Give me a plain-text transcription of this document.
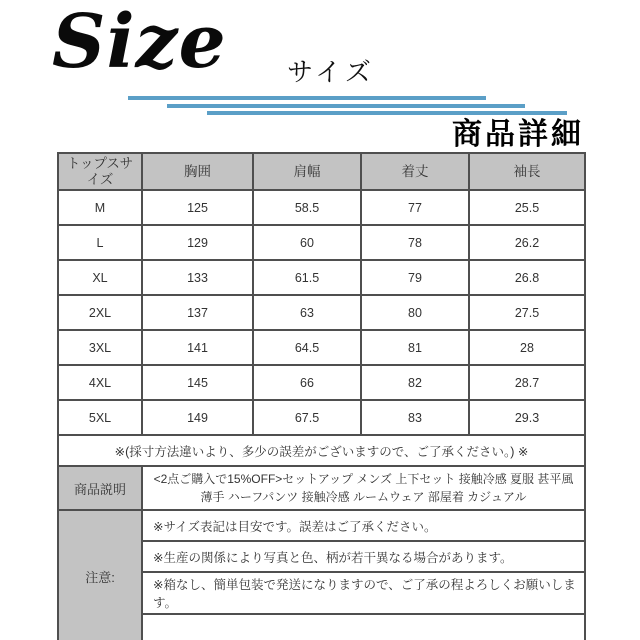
Size サイズ
商品詳細
トップスサイズ	胸囲	肩幅	着丈	袖長
M	125	58.5	77	25.5
L	129	60	78	26.2
XL	133	61.5	79	26.8
2XL	137	63	80	27.5
3XL	141	64.5	81	28
4XL	145	66	82	28.7
5XL	149	67.5	83	29.3
※(採寸方法違いより、多少の誤差がございますので、ご了承ください。) ※				
商品説明	<2点ご購入で15%OFF>セットアップ メンズ 上下セット 接触冷感 夏服 甚平風 薄手 ハーフパンツ 接触冷感 ルームウェア 部屋着 カジュアル			
注意:	※サイズ表記は目安です。誤差はご了承ください。			
	※生産の関係により写真と色、柄が若干異なる場合があります。			
	※箱なし、簡単包装で発送になりますので、ご了承の程よろしくお願いします。			
